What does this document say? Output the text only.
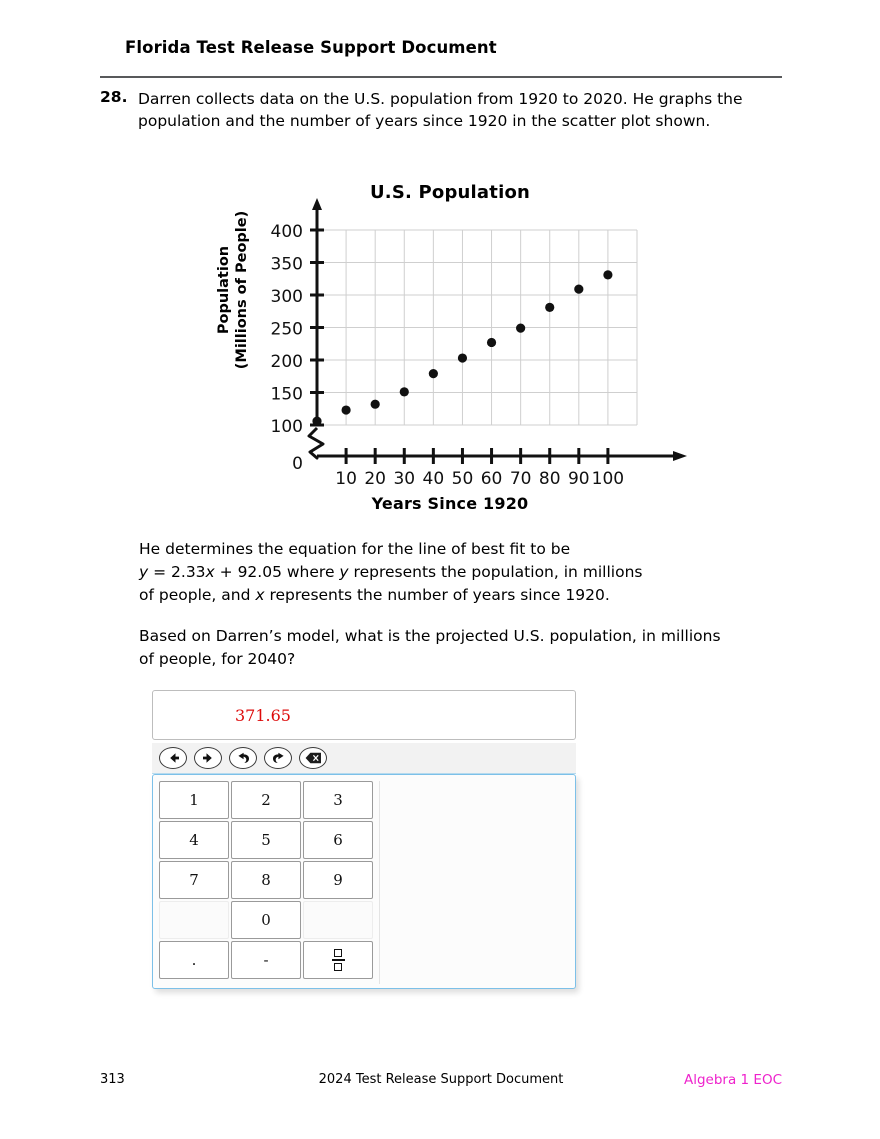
Florida Test Release Support Document
28. Darren collects data on the U.S. population from 1920 to 2020. He graphs the population and the number of years since 1920 in the scatter plot shown.
U.S. Population
Population (Millions of People)
100
150
200
250
300
350
400
10 20 30 40 50 60 70 80 90 100
0
Years Since 1920
He determines the equation for the line of best fit to be
y = 2.33x + 92.05 where y represents the population, in millions
of people, and x represents the number of years since 1920.
Based on Darren’s model, what is the projected U.S. population, in millions of people, for 2040?
371.65
1	2	3
4	5	6
7	8	9
0
.	-
313	2024 Test Release Support Document	Algebra 1 EOC
